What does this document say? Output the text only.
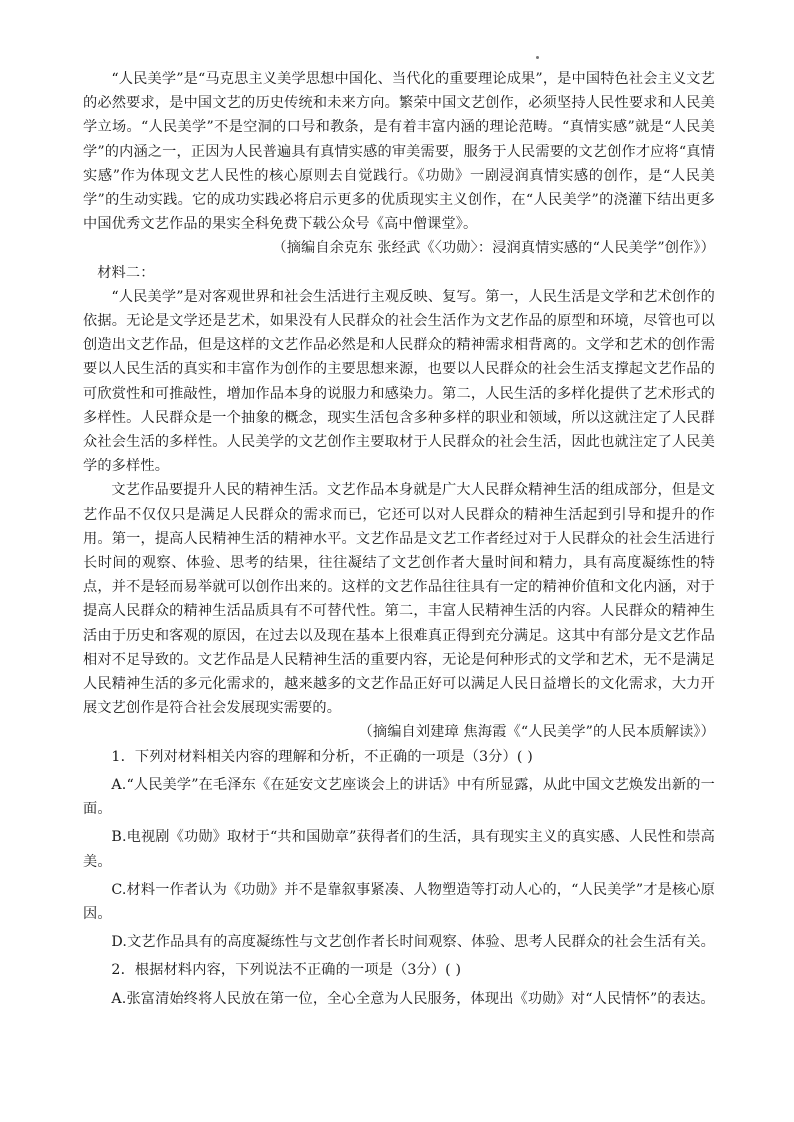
“人民美学”是“马克思主义美学思想中国化、当代化的重要理论成果”，是中国特色社会主义文艺的必然要求，是中国文艺的历史传统和未来方向。繁荣中国文艺创作，必须坚持人民性要求和人民美学立场。“人民美学”不是空洞的口号和教条，是有着丰富内涵的理论范畴。“真情实感”就是“人民美学”的内涵之一，正因为人民普遍具有真情实感的审美需要，服务于人民需要的文艺创作才应将“真情实感”作为体现文艺人民性的核心原则去自觉践行。《功勋》一剧浸润真情实感的创作，是“人民美学”的生动实践。它的成功实践必将启示更多的优质现实主义创作，在“人民美学”的浇灌下结出更多中国优秀文艺作品的果实全科免费下载公众号《高中僧课堂》。

（摘编自余克东 张经武《〈功勋〉：浸润真情实感的“人民美学”创作》）

材料二：

“人民美学”是对客观世界和社会生活进行主观反映、复写。第一，人民生活是文学和艺术创作的依据。无论是文学还是艺术，如果没有人民群众的社会生活作为文艺作品的原型和环境，尽管也可以创造出文艺作品，但是这样的文艺作品必然是和人民群众的精神需求相背离的。文学和艺术的创作需要以人民生活的真实和丰富作为创作的主要思想来源，也要以人民群众的社会生活支撑起文艺作品的可欣赏性和可推敲性，增加作品本身的说服力和感染力。第二，人民生活的多样化提供了艺术形式的多样性。人民群众是一个抽象的概念，现实生活包含多种多样的职业和领域，所以这就注定了人民群众社会生活的多样性。人民美学的文艺创作主要取材于人民群众的社会生活，因此也就注定了人民美学的多样性。

文艺作品要提升人民的精神生活。文艺作品本身就是广大人民群众精神生活的组成部分，但是文艺作品不仅仅只是满足人民群众的需求而已，它还可以对人民群众的精神生活起到引导和提升的作用。第一，提高人民精神生活的精神水平。文艺作品是文艺工作者经过对于人民群众的社会生活进行长时间的观察、体验、思考的结果，往往凝结了文艺创作者大量时间和精力，具有高度凝练性的特点，并不是轻而易举就可以创作出来的。这样的文艺作品往往具有一定的精神价值和文化内涵，对于提高人民群众的精神生活品质具有不可替代性。第二，丰富人民精神生活的内容。人民群众的精神生活由于历史和客观的原因，在过去以及现在基本上很难真正得到充分满足。这其中有部分是文艺作品相对不足导致的。文艺作品是人民精神生活的重要内容，无论是何种形式的文学和艺术，无不是满足人民精神生活的多元化需求的，越来越多的文艺作品正好可以满足人民日益增长的文化需求，大力开展文艺创作是符合社会发展现实需要的。

（摘编自刘建璋 焦海霞《“人民美学”的人民本质解读》）

1．下列对材料相关内容的理解和分析，不正确的一项是（3分）( )

A.“人民美学”在毛泽东《在延安文艺座谈会上的讲话》中有所显露，从此中国文艺焕发出新的一面。

B.电视剧《功勋》取材于“共和国勋章”获得者们的生活，具有现实主义的真实感、人民性和崇高美。

C.材料一作者认为《功勋》并不是靠叙事紧凑、人物塑造等打动人心的，“人民美学”才是核心原因。

D.文艺作品具有的高度凝练性与文艺创作者长时间观察、体验、思考人民群众的社会生活有关。

2．根据材料内容，下列说法不正确的一项是（3分）( )

A.张富清始终将人民放在第一位，全心全意为人民服务，体现出《功勋》对“人民情怀”的表达。
